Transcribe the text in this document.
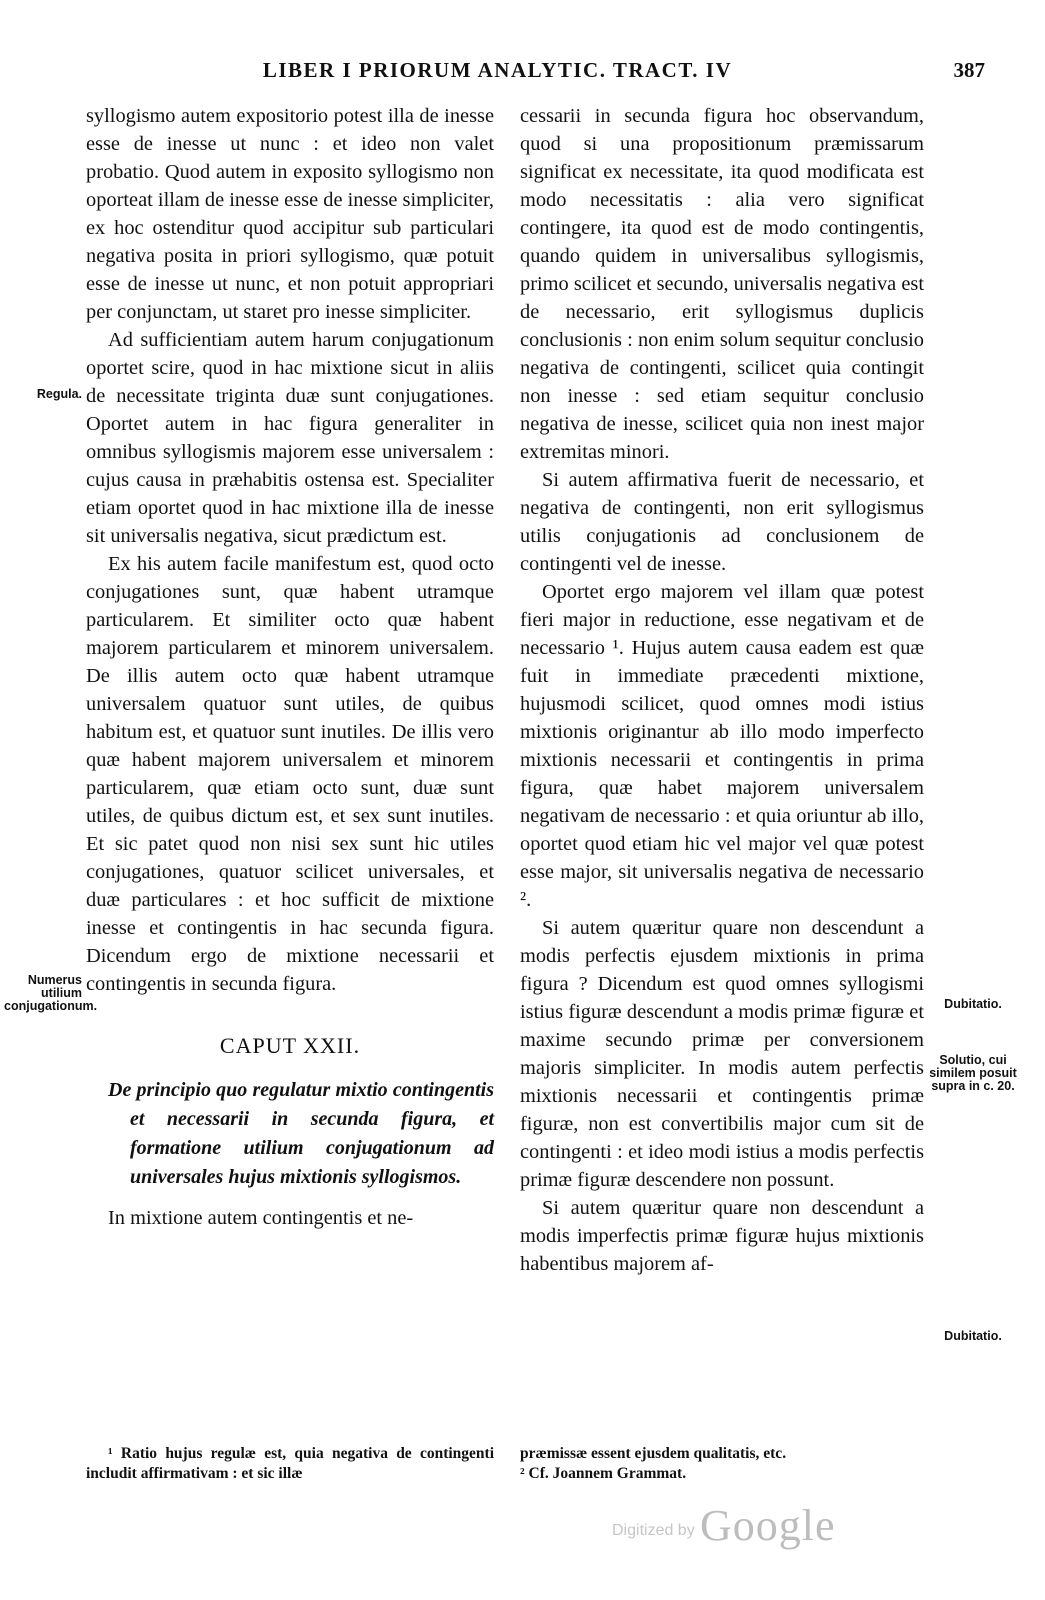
LIBER I PRIORUM ANALYTIC. TRACT. IV	387
Regula.
Numerus utilium conjugationum.	Dubitatio.
Solutio, cui similem posuit supra in c. 20.
Dubitatio.

syllogismo autem expositorio potest illa de inesse esse de inesse ut nunc : et ideo non valet probatio. Quod autem in exposito syllogismo non oporteat illam de inesse esse de inesse simpliciter, ex hoc ostenditur quod accipitur sub particulari negativa posita in priori syllogismo, quæ potuit esse de inesse ut nunc, et non potuit appropriari per conjunctam, ut staret pro inesse simpliciter.

Ad sufficientiam autem harum conjugationum oportet scire, quod in hac mixtione sicut in aliis de necessitate triginta duæ sunt conjugationes. Oportet autem in hac figura generaliter in omnibus syllogismis majorem esse universalem : cujus causa in præhabitis ostensa est. Specialiter etiam oportet quod in hac mixtione illa de inesse sit universalis negativa, sicut prædictum est.

Ex his autem facile manifestum est, quod octo conjugationes sunt, quæ habent utramque particularem. Et similiter octo quæ habent majorem particularem et minorem universalem. De illis autem octo quæ habent utramque universalem quatuor sunt utiles, de quibus habitum est, et quatuor sunt inutiles. De illis vero quæ habent majorem universalem et minorem particularem, quæ etiam octo sunt, duæ sunt utiles, de quibus dictum est, et sex sunt inutiles. Et sic patet quod non nisi sex sunt hic utiles conjugationes, quatuor scilicet universales, et duæ particulares : et hoc sufficit de mixtione inesse et contingentis in hac secunda figura. Dicendum ergo de mixtione necessarii et contingentis in secunda figura.

CAPUT XXII.
De principio quo regulatur mixtio contingentis et necessarii in secunda figura, et formatione utilium conjugationum ad universales hujus mixtionis syllogismos.

In mixtione autem contingentis et ne-

cessarii in secunda figura hoc observandum, quod si una propositionum præmissarum significat ex necessitate, ita quod modificata est modo necessitatis : alia vero significat contingere, ita quod est de modo contingentis, quando quidem in universalibus syllogismis, primo scilicet et secundo, universalis negativa est de necessario, erit syllogismus duplicis conclusionis : non enim solum sequitur conclusio negativa de contingenti, scilicet quia contingit non inesse : sed etiam sequitur conclusio negativa de inesse, scilicet quia non inest major extremitas minori.

Si autem affirmativa fuerit de necessario, et negativa de contingenti, non erit syllogismus utilis conjugationis ad conclusionem de contingenti vel de inesse.

Oportet ergo majorem vel illam quæ potest fieri major in reductione, esse negativam et de necessario ¹. Hujus autem causa eadem est quæ fuit in immediate præcedenti mixtione, hujusmodi scilicet, quod omnes modi istius mixtionis originantur ab illo modo imperfecto mixtionis necessarii et contingentis in prima figura, quæ habet majorem universalem negativam de necessario : et quia oriuntur ab illo, oportet quod etiam hic vel major vel quæ potest esse major, sit universalis negativa de necessario ².

Si autem quæritur quare non descendunt a modis perfectis ejusdem mixtionis in prima figura ? Dicendum est quod omnes syllogismi istius figuræ descendunt a modis primæ figuræ et maxime secundo primæ per conversionem majoris simpliciter. In modis autem perfectis mixtionis necessarii et contingentis primæ figuræ, non est convertibilis major cum sit de contingenti : et ideo modi istius a modis perfectis primæ figuræ descendere non possunt.

Si autem quæritur quare non descendunt a modis imperfectis primæ figuræ hujus mixtionis habentibus majorem af-

¹ Ratio hujus regulæ est, quia negativa de contingenti includit affirmativam : et sic illæ

præmissæ essent ejusdem qualitatis, etc.

² Cf. Joannem Grammat.

Digitized by Google
